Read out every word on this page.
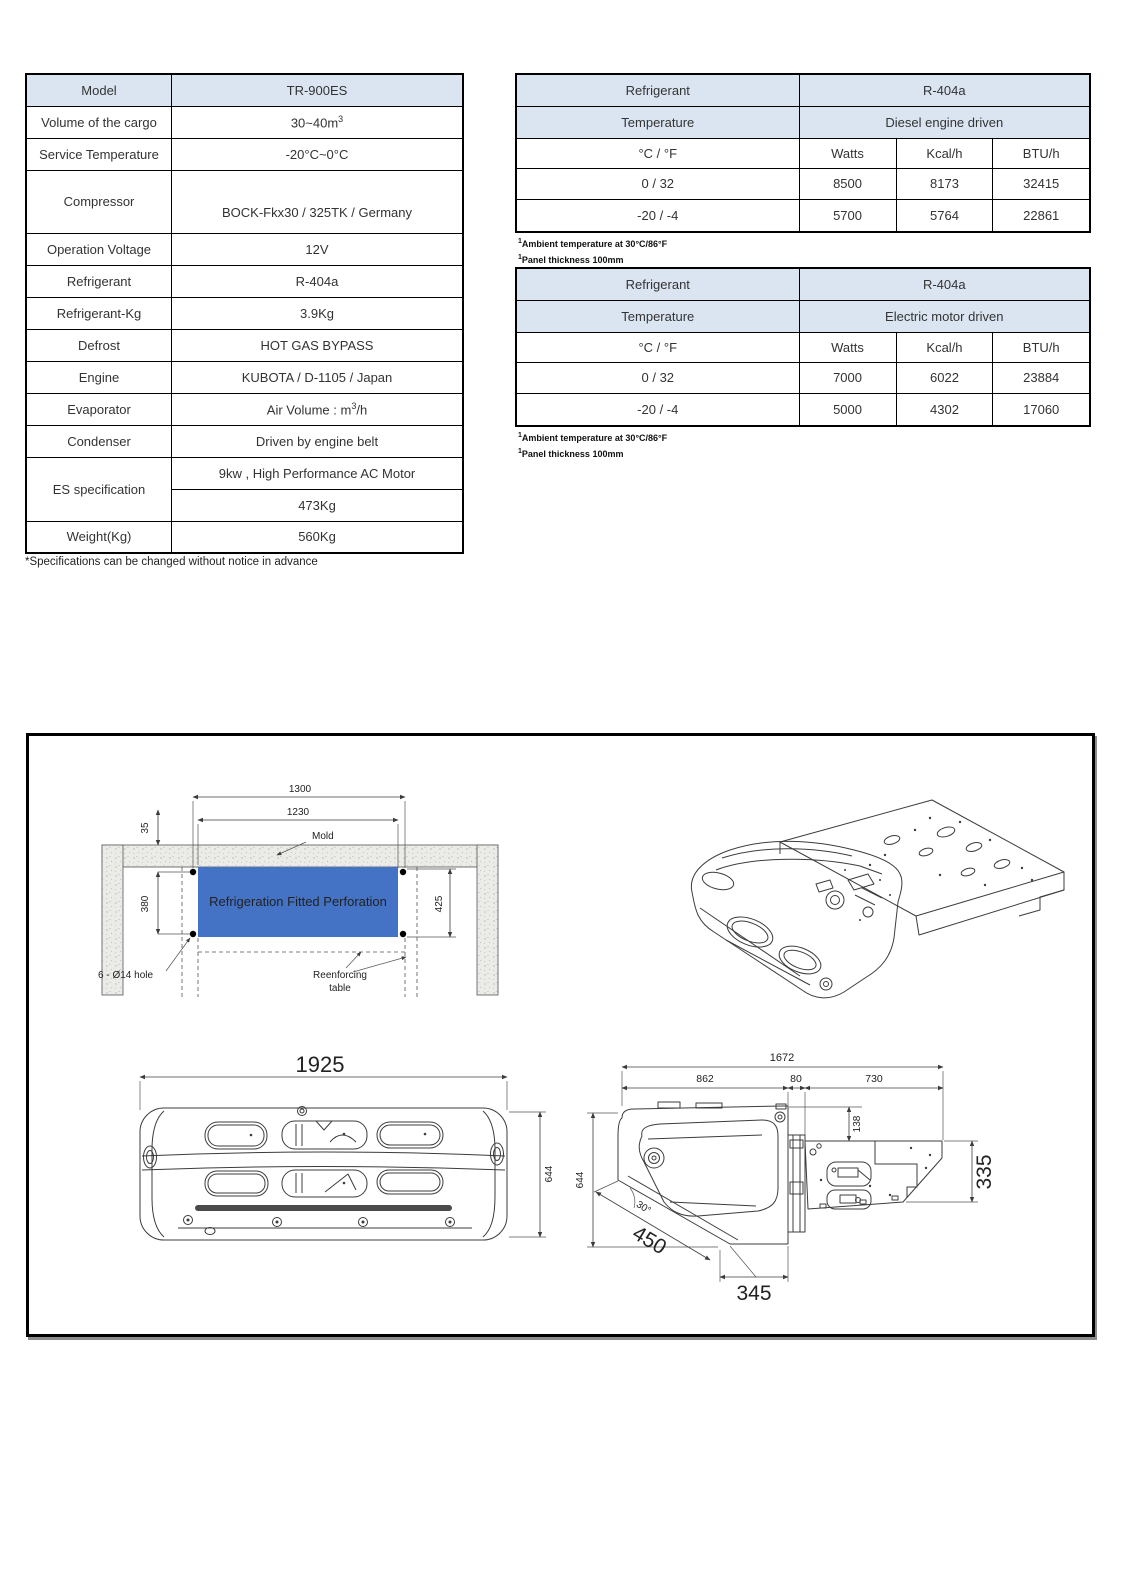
Model	TR-900ES
Volume of the cargo	$30\sim 40m^3$
Service Temperature	-20°C~0°C
Compressor	BOCK-Fkx30 / 325TK / Germany
Operation Voltage	12V
Refrigerant	R-404a
Refrigerant-Kg	3.9Kg
Defrost	HOT GAS BYPASS
Engine	KUBOTA / D-1105 / Japan
Evaporator	Air Volume : $m^3/h$
Condenser	Driven by engine belt
ES specification	9kw , High Performance AC Motor
	473Kg
Weight(Kg)	560Kg
*Specifications can be changed without notice in advance
Refrigerant	R-404a		
Temperature	Diesel engine driven		
°C / °F	Watts	Kcal/h	BTU/h
0 / 32	8500	8173	32415
-20 / -4	5700	5764	22861
$^1$Ambient temperature at 30°C/86°F
$^1$Panel thickness 100mm
Refrigerant	R-404a		
Temperature	Electric motor driven		
°C / °F	Watts	Kcal/h	BTU/h
0 / 32	7000	6022	23884
-20 / -4	5000	4302	17060
$^1$Ambient temperature at 30°C/86°F
$^1$Panel thickness 100mm
Refrigeration Fitted Perforation
1300
1230
35
380	425
Mold
6 - Ø14 hole	Reenforcing
table
1925
644
1672
862	80	730
138
644	335
30°
450
345
